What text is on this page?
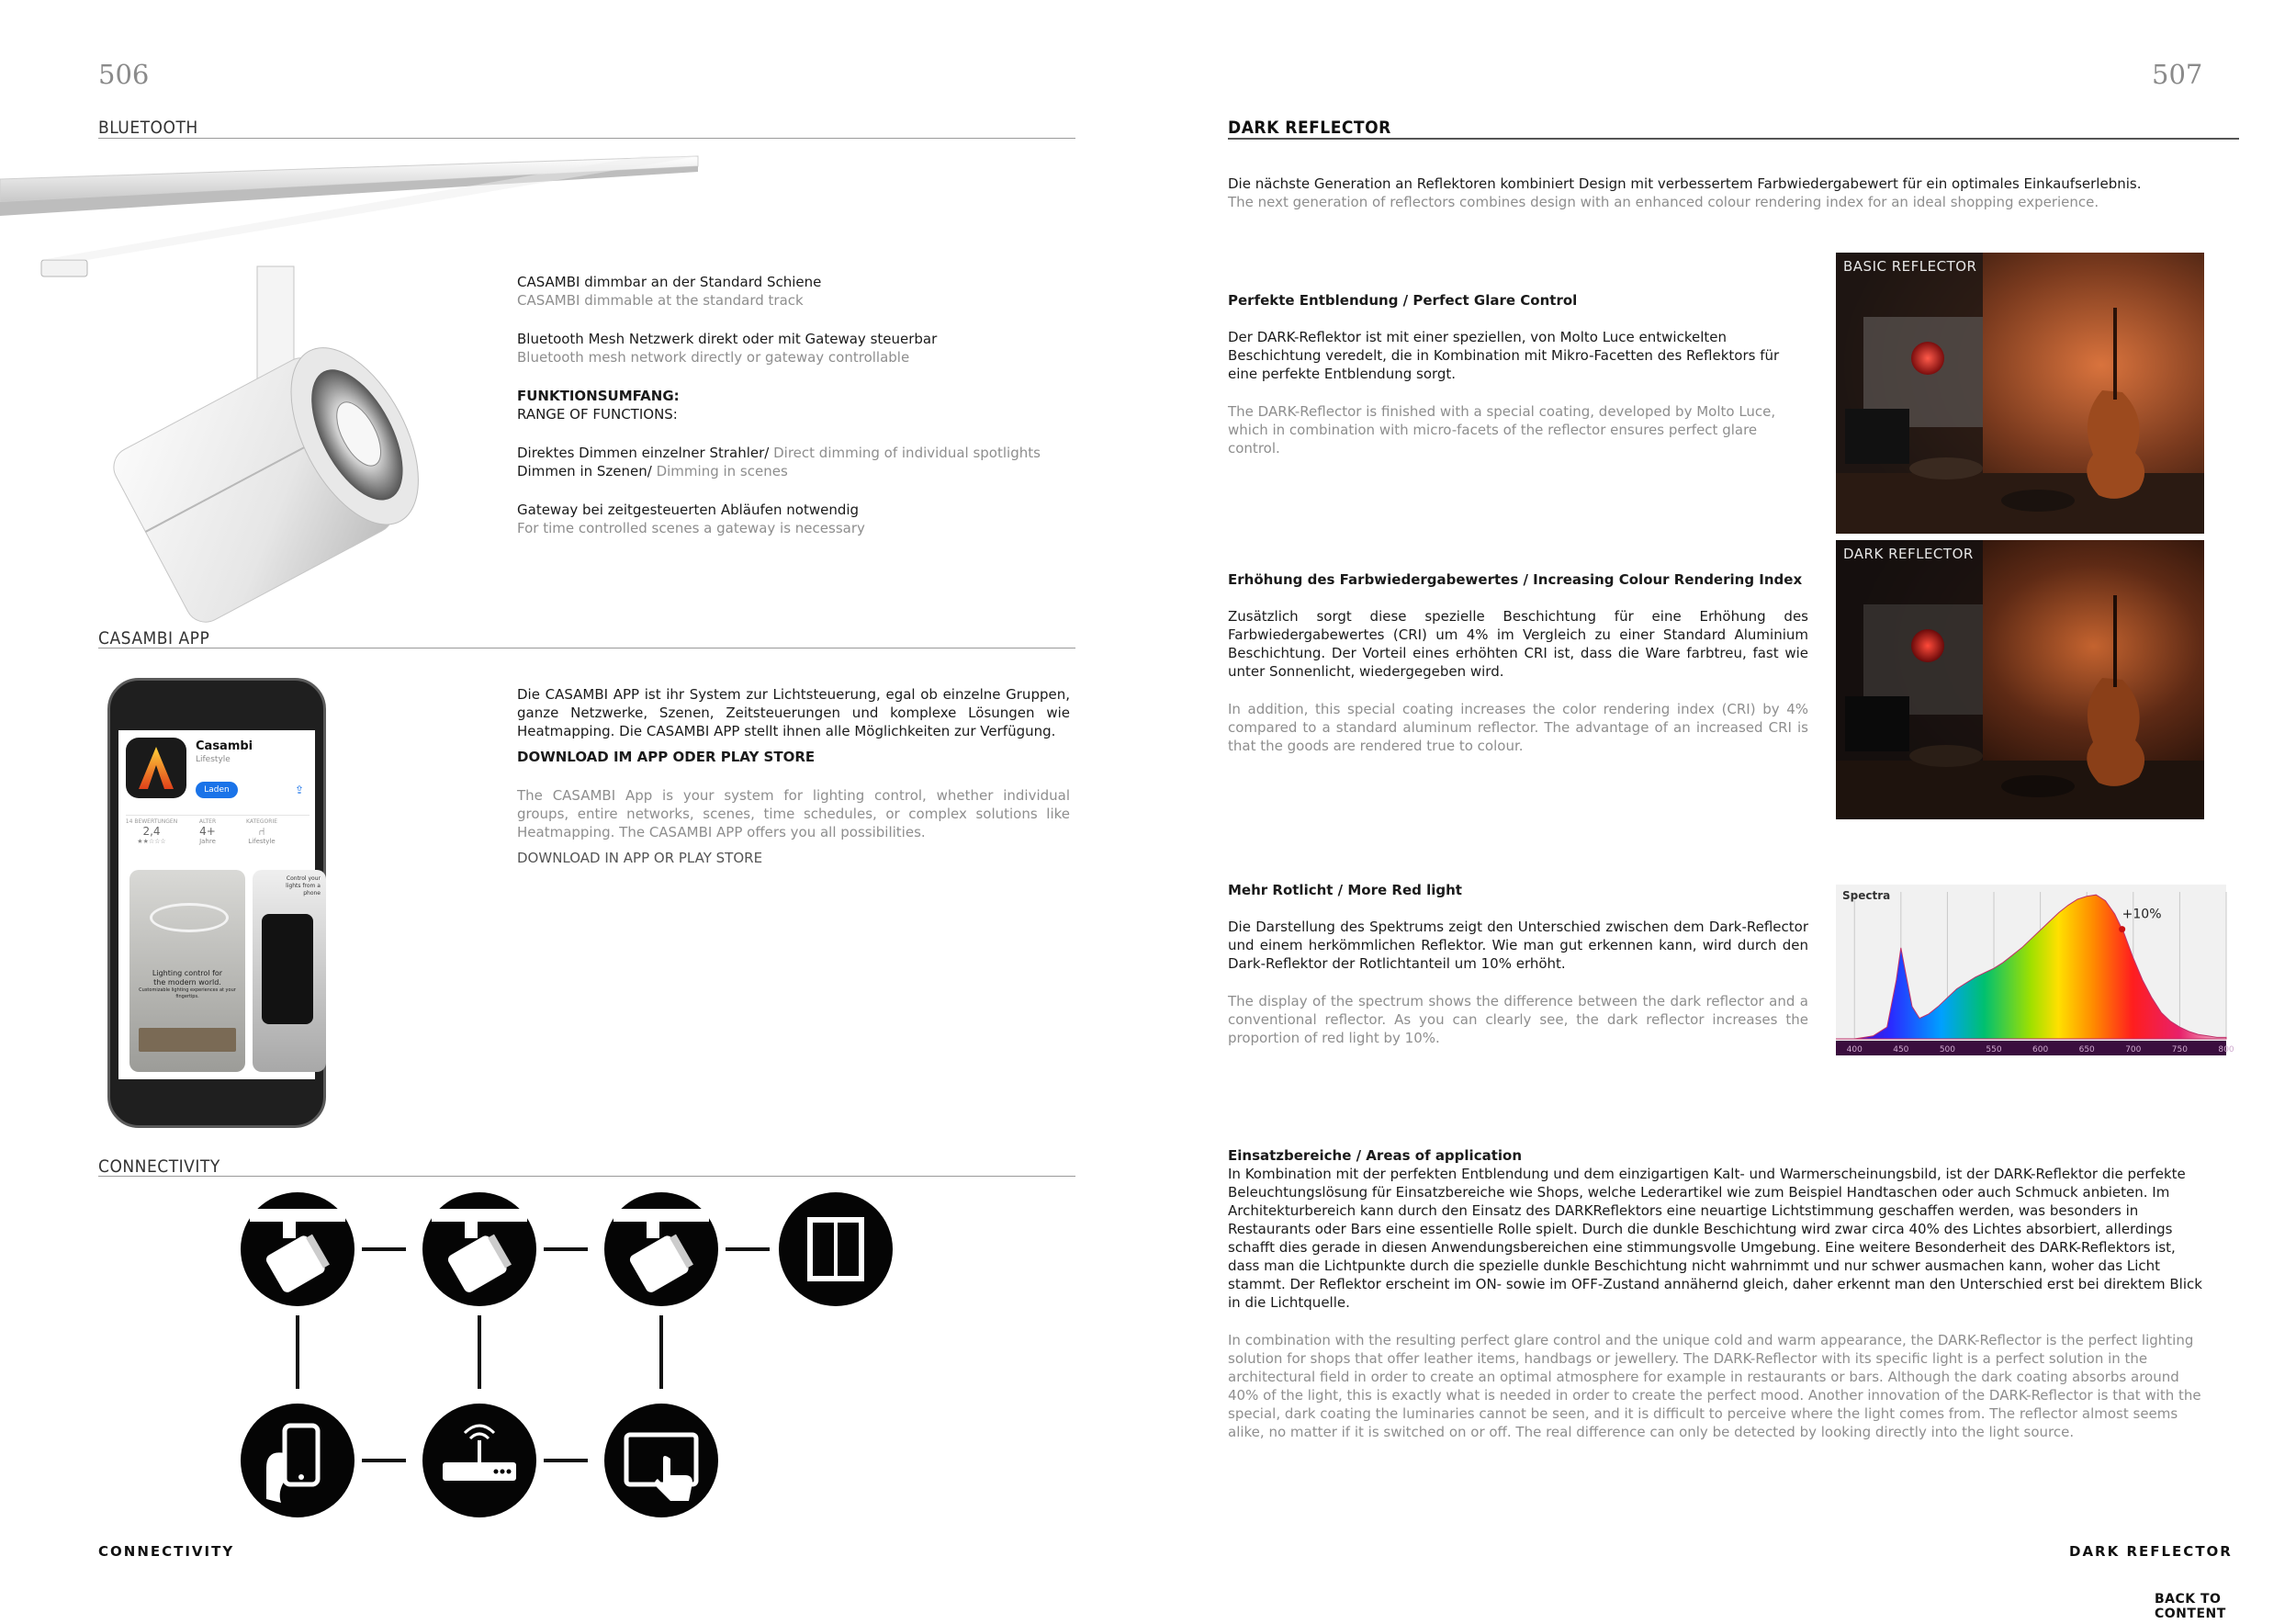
506
BLUETOOTH
CASAMBI dimmbar an der Standard Schiene
CASAMBI dimmable at the standard track
Bluetooth Mesh Netzwerk direkt oder mit Gateway steuerbar
Bluetooth mesh network directly or gateway controllable
FUNKTIONSUMFANG:
RANGE OF FUNCTIONS:
Direktes Dimmen einzelner Strahler/ Direct dimming of individual spotlights
Dimmen in Szenen/ Dimming in scenes
Gateway bei zeitgesteuerten Abläufen notwendig
For time controlled scenes a gateway is necessary
CASAMBI APP
Casambi
Lifestyle
Laden	⇪
14 BEWERTUNGEN
2,4
★★☆☆☆
ALTER
4+
Jahre
KATEGORIE
⑁
Lifestyle
Lighting control for
the modern world.
Customizable lighting experiences at your fingertips.
Control your lights from a phone
Die CASAMBI APP ist ihr System zur Lichtsteuerung, egal ob einzelne Gruppen, ganze Netzwerke, Szenen, Zeitsteuerungen und komplexe Lösungen wie Heatmapping. Die CASAMBI APP stellt ihnen alle Möglichkeiten zur Verfügung.
DOWNLOAD IM APP ODER PLAY STORE
The CASAMBI App is your system for lighting control, whether individual groups, entire networks, scenes, time schedules, or complex solutions like Heatmapping. The CASAMBI APP offers you all possibilities.
DOWNLOAD IN APP OR PLAY STORE
CONNECTIVITY
CONNECTIVITY
507
DARK REFLECTOR
Die nächste Generation an Reflektoren kombiniert Design mit verbessertem Farbwiedergabewert für ein optimales Einkaufserlebnis.
The next generation of reflectors combines design with an enhanced colour rendering index for an ideal shopping experience.
Perfekte Entblendung / Perfect Glare Control
Der DARK-Reflektor ist mit einer speziellen, von Molto Luce entwickelten Beschichtung veredelt, die in Kombination mit Mikro-Facetten des Reflektors für eine perfekte Entblendung sorgt.
The DARK-Reflector is finished with a special coating, developed by Molto Luce, which in combination with micro-facets of the reflector ensures perfect glare control.
Erhöhung des Farbwiedergabewertes / Increasing Colour Rendering Index
Zusätzlich sorgt diese spezielle Beschichtung für eine Erhöhung des Farbwiedergabewertes (CRI) um 4% im Vergleich zu einer Standard Aluminium Beschichtung. Der Vorteil eines erhöhten CRI ist, dass die Ware farbtreu, fast wie unter Sonnenlicht, wiedergegeben wird.
In addition, this special coating increases the color rendering index (CRI) by 4% compared to a standard aluminum reflector. The advantage of an increased CRI is that the goods are rendered true to colour.
Mehr Rotlicht / More Red light
Die Darstellung des Spektrums zeigt den Unterschied zwischen dem Dark-Reflector und einem herkömmlichen Reflektor. Wie man gut erkennen kann, wird durch den Dark-Reflektor der Rotlichtanteil um 10% erhöht.
The display of the spectrum shows the difference between the dark reflector and a conventional reflector. As you can clearly see, the dark reflector increases the proportion of red light by 10%.
Einsatzbereiche / Areas of application
In Kombination mit der perfekten Entblendung und dem einzigartigen Kalt- und Warmerscheinungsbild, ist der DARK-Reflektor die perfekte Beleuchtungslösung für Einsatzbereiche wie Shops, welche Lederartikel wie zum Beispiel Handtaschen oder auch Schmuck anbieten. Im Architekturbereich kann durch den Einsatz des DARKReflektors eine neuartige Lichtstimmung geschaffen werden, was besonders in Restaurants oder Bars eine essentielle Rolle spielt. Durch die dunkle Beschichtung wird zwar circa 40% des Lichtes absorbiert, allerdings schafft dies gerade in diesen Anwendungsbereichen eine stimmungsvolle Umgebung. Eine weitere Besonderheit des DARK-Reflektors ist, dass man die Lichtpunkte durch die spezielle dunkle Beschichtung nicht wahrnimmt und nur schwer ausmachen kann, woher das Licht stammt. Der Reflektor erscheint im ON- sowie im OFF-Zustand annähernd gleich, daher erkennt man den Unterschied erst bei direktem Blick in die Lichtquelle.
In combination with the resulting perfect glare control and the unique cold and warm appearance, the DARK-Reflector is the perfect lighting solution for shops that offer leather items, handbags or jewellery. The DARK-Reflector with its specific light is a perfect solution in the architectural field in order to create an optimal atmosphere for example in restaurants or bars. Although the dark coating absorbs around 40% of the light, this is exactly what is needed in order to create the perfect mood. Another innovation of the DARK-Reflector is that with the special, dark coating the luminaries cannot be seen, and it is difficult to perceive where the light comes from. The reflector almost seems alike, no matter if it is switched on or off. The real difference can only be detected by looking directly into the light source.
BASIC REFLECTOR
DARK REFLECTOR
400	450	500	550	600	650	700	750	800
+10%
Spectra
DARK REFLECTOR
BACK TO CONTENT
